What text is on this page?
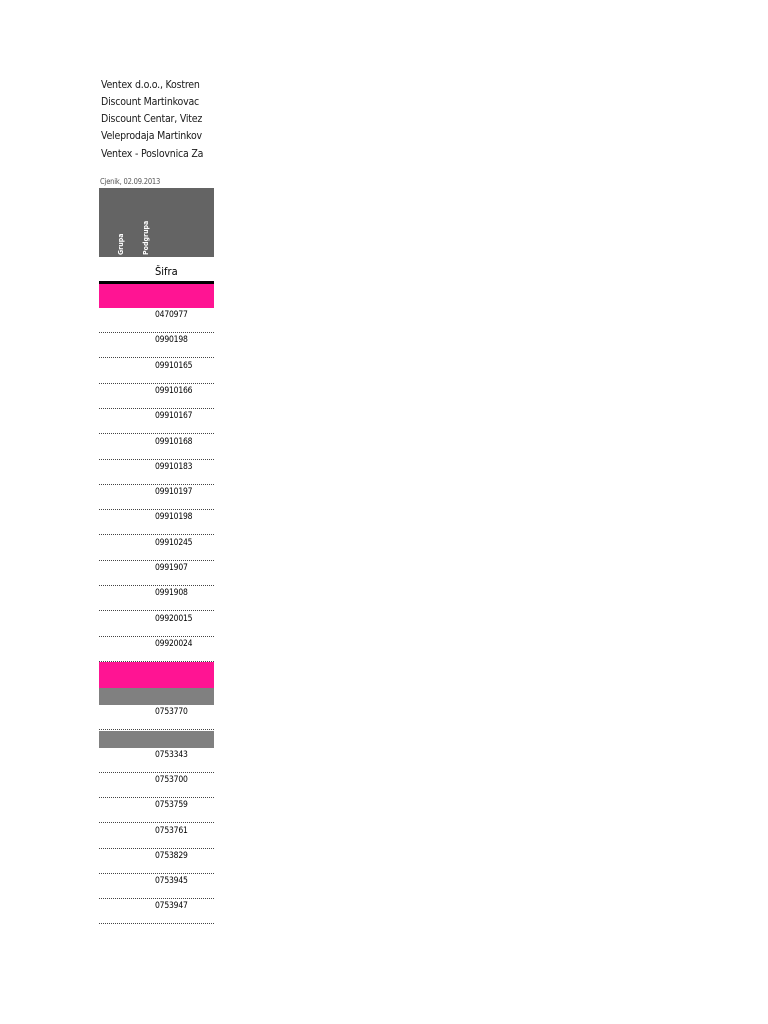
Ventex d.o.o., Kostren
Discount Martinkovac
Discount Centar, Vitez
Veleprodaja Martinkov
Ventex - Poslovnica Za
Cjenik, 02.09.2013
Grupa Podgrupa
Šifra
0470977
0990198
09910165
09910166
09910167
09910168
09910183
09910197
09910198
09910245
0991907
0991908
09920015
09920024
0753770
0753343
0753700
0753759
0753761
0753829
0753945
0753947
